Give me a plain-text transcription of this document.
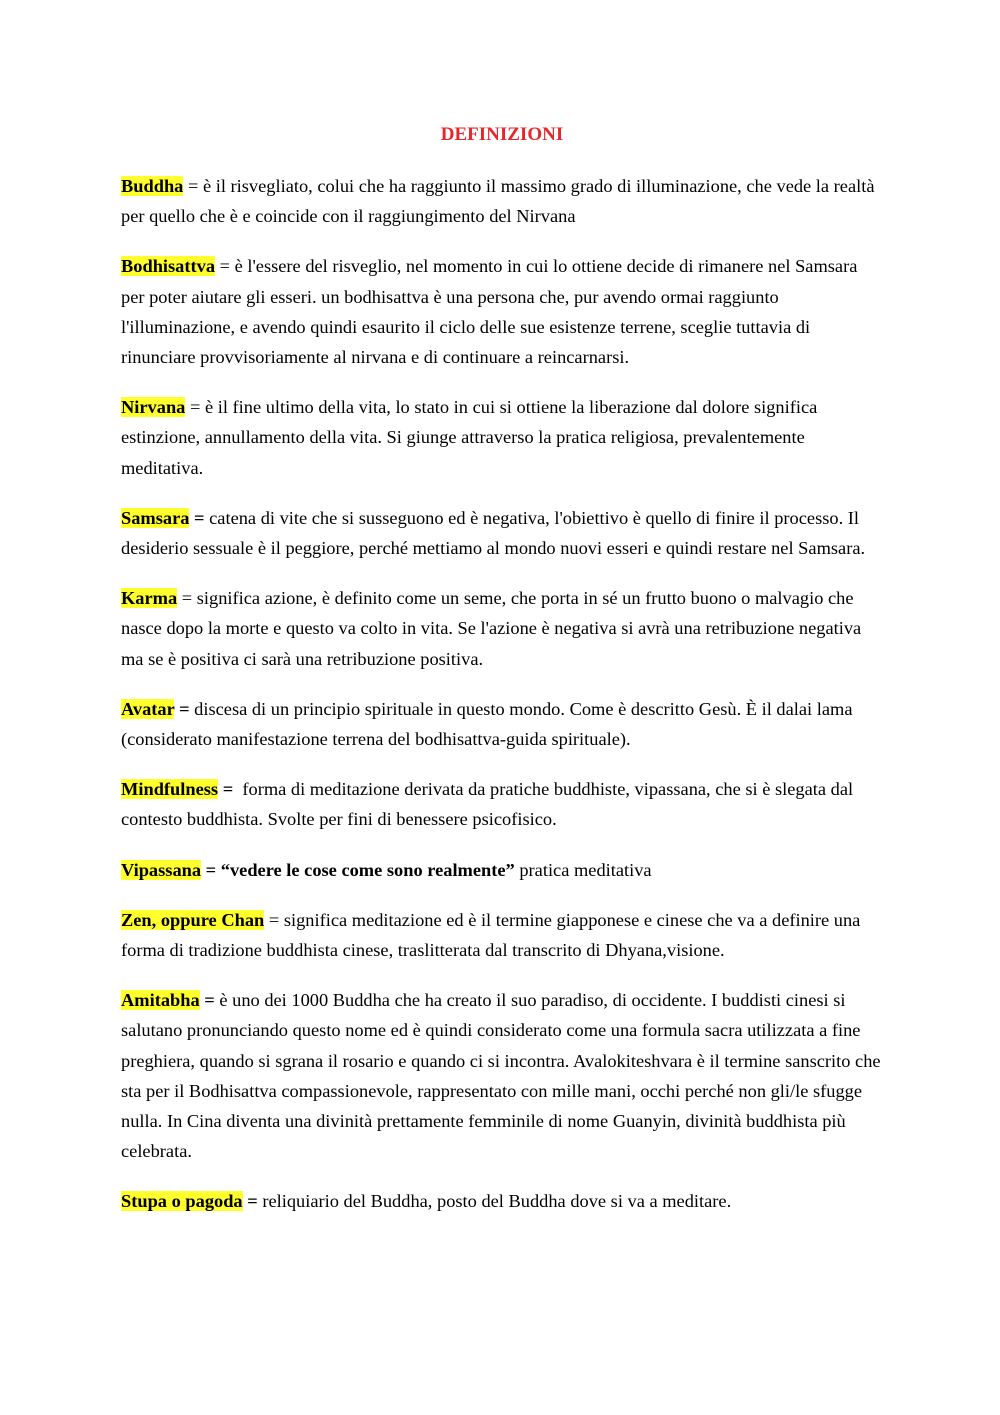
DEFINIZIONI

Buddha = è il risvegliato, colui che ha raggiunto il massimo grado di illuminazione, che vede la realtà per quello che è e coincide con il raggiungimento del Nirvana

Bodhisattva = è l'essere del risveglio, nel momento in cui lo ottiene decide di rimanere nel Samsara per poter aiutare gli esseri. un bodhisattva è una persona che, pur avendo ormai raggiunto l'illuminazione, e avendo quindi esaurito il ciclo delle sue esistenze terrene, sceglie tuttavia di rinunciare provvisoriamente al nirvana e di continuare a reincarnarsi.

Nirvana = è il fine ultimo della vita, lo stato in cui si ottiene la liberazione dal dolore significa estinzione, annullamento della vita. Si giunge attraverso la pratica religiosa, prevalentemente meditativa.

Samsara = catena di vite che si susseguono ed è negativa, l'obiettivo è quello di finire il processo. Il desiderio sessuale è il peggiore, perché mettiamo al mondo nuovi esseri e quindi restare nel Samsara.

Karma = significa azione, è definito come un seme, che porta in sé un frutto buono o malvagio che nasce dopo la morte e questo va colto in vita. Se l'azione è negativa si avrà una retribuzione negativa ma se è positiva ci sarà una retribuzione positiva.

Avatar = discesa di un principio spirituale in questo mondo. Come è descritto Gesù. È il dalai lama (considerato manifestazione terrena del bodhisattva-guida spirituale).

Mindfulness =  forma di meditazione derivata da pratiche buddhiste, vipassana, che si è slegata dal contesto buddhista. Svolte per fini di benessere psicofisico.

Vipassana = “vedere le cose come sono realmente” pratica meditativa

Zen, oppure Chan = significa meditazione ed è il termine giapponese e cinese che va a definire una forma di tradizione buddhista cinese, traslitterata dal transcrito di Dhyana,visione.

Amitabha = è uno dei 1000 Buddha che ha creato il suo paradiso, di occidente. I buddisti cinesi si salutano pronunciando questo nome ed è quindi considerato come una formula sacra utilizzata a fine preghiera, quando si sgrana il rosario e quando ci si incontra. Avalokiteshvara è il termine sanscrito che sta per il Bodhisattva compassionevole, rappresentato con mille mani, occhi perché non gli/le sfugge nulla. In Cina diventa una divinità prettamente femminile di nome Guanyin, divinità buddhista più celebrata.

Stupa o pagoda = reliquiario del Buddha, posto del Buddha dove si va a meditare.
